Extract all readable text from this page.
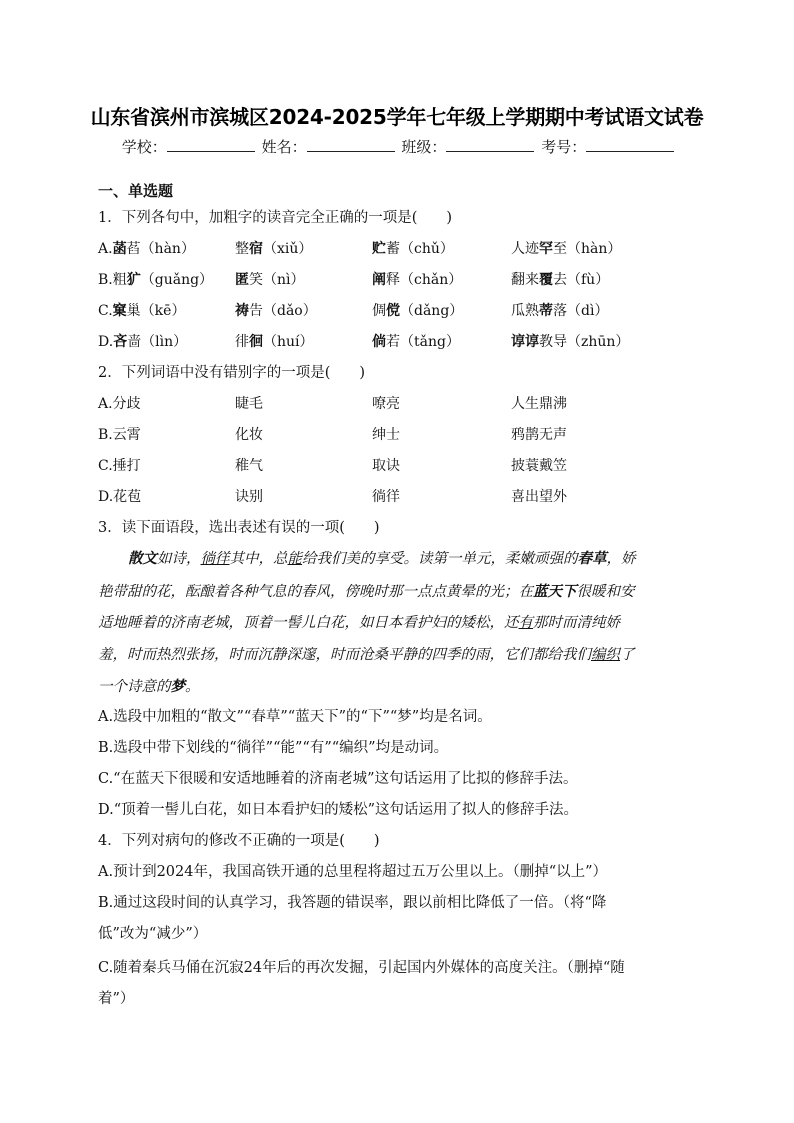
山东省滨州市滨城区2024-2025学年七年级上学期期中考试语文试卷
学校：	姓名：	班级：	考号：
一、单选题
1．下列各句中，加粗字的读音完全正确的一项是(　　)
A.菡萏（hàn）	整宿（xiǔ）	贮蓄（chǔ）	人迹罕至（hàn）
B.粗犷（guǎng） 匿笑（nì）	阐释（chǎn）	翻来覆去（fù）
C.窠巢（kē）	祷告（dǎo）	倜傥（dǎng）	瓜熟蒂落（dì）
D.吝啬（lìn）	徘徊（huí）	倘若（tǎng）	谆谆教导（zhūn）
2．下列词语中没有错别字的一项是(　　)
A.分歧	睫毛	嘹亮	人生鼎沸
B.云霄	化妆	绅士	鸦鹊无声
C.捶打	稚气	取诀	披蓑戴笠
D.花苞	诀别	徜徉	喜出望外
3．读下面语段，选出表述有误的一项(　　)
散文如诗，徜徉其中，总能给我们美的享受。读第一单元，柔嫩顽强的春草，娇
艳带甜的花，酝酿着各种气息的春风，傍晚时那一点点黄晕的光；在蓝天下很暖和安
适地睡着的济南老城，顶着一髻儿白花，如日本看护妇的矮松，还有那时而清纯娇
羞，时而热烈张扬，时而沉静深邃，时而沧桑平静的四季的雨，它们都给我们编织了
一个诗意的梦。
A.选段中加粗的“散文”“春草”“蓝天下”的“下”“梦”均是名词。
B.选段中带下划线的“徜徉”“能”“有”“编织”均是动词。
C.“在蓝天下很暖和安适地睡着的济南老城”这句话运用了比拟的修辞手法。
D.“顶着一髻儿白花，如日本看护妇的矮松”这句话运用了拟人的修辞手法。
4．下列对病句的修改不正确的一项是(　　)
A.预计到2024年，我国高铁开通的总里程将超过五万公里以上。（删掉“以上”）
B.通过这段时间的认真学习，我答题的错误率，跟以前相比降低了一倍。（将“降
低”改为“减少”）
C.随着秦兵马俑在沉寂24年后的再次发掘，引起国内外媒体的高度关注。（删掉“随
着”）
